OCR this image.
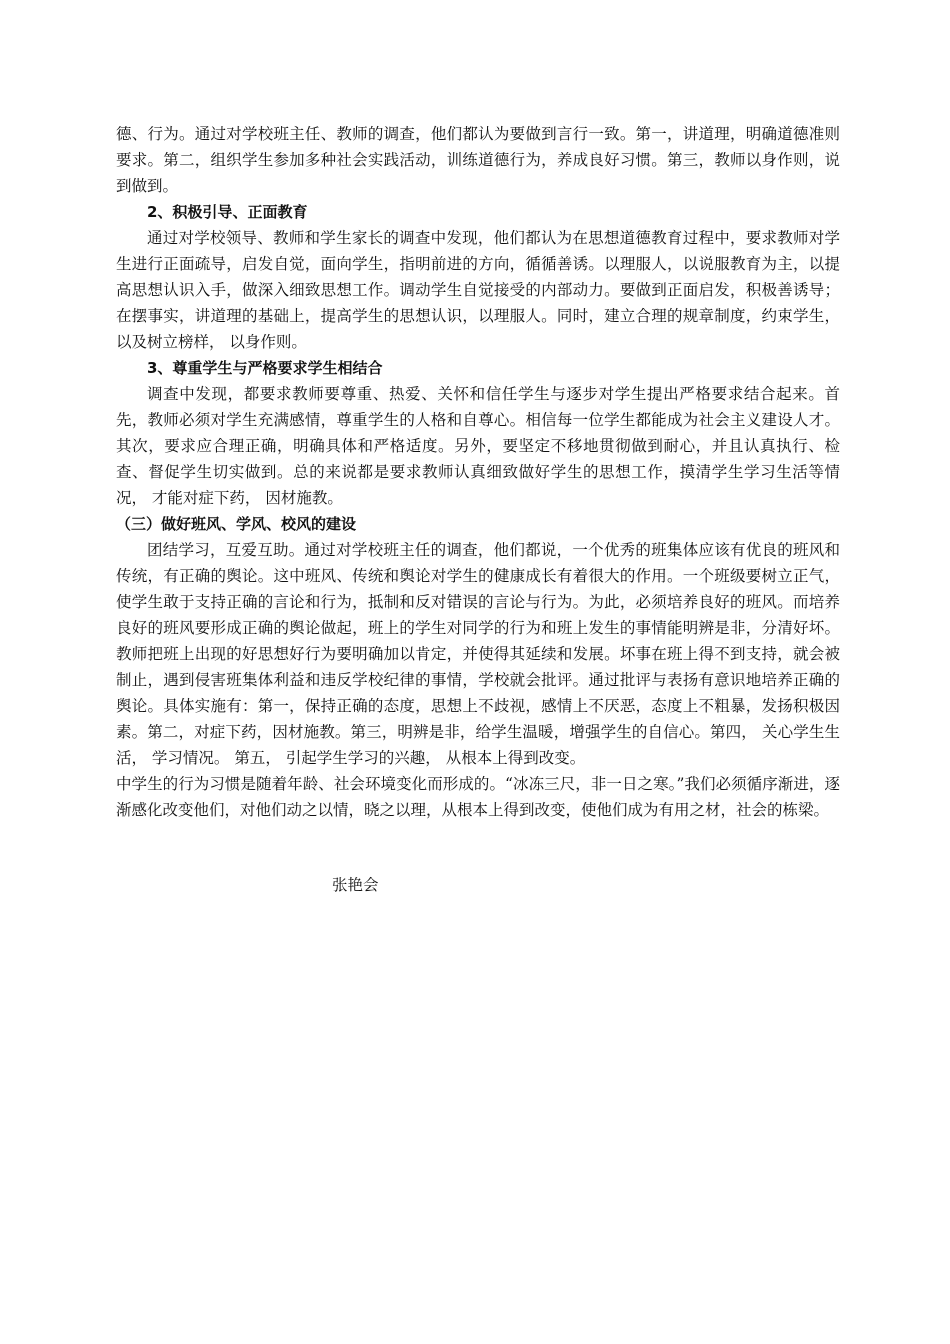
德、行为。通过对学校班主任、教师的调查，他们都认为要做到言行一致。第一，讲道理，明确道德准则要求。第二，组织学生参加多种社会实践活动，训练道德行为，养成良好习惯。第三，教师以身作则，说到做到。

2、积极引导、正面教育

通过对学校领导、教师和学生家长的调查中发现，他们都认为在思想道德教育过程中，要求教师对学生进行正面疏导，启发自觉，面向学生，指明前进的方向，循循善诱。以理服人，以说服教育为主，以提高思想认识入手，做深入细致思想工作。调动学生自觉接受的内部动力。要做到正面启发，积极善诱导；在摆事实，讲道理的基础上，提高学生的思想认识，以理服人。同时，建立合理的规章制度，约束学生， 以及树立榜样， 以身作则。

3、尊重学生与严格要求学生相结合

调查中发现，都要求教师要尊重、热爱、关怀和信任学生与逐步对学生提出严格要求结合起来。首先，教师必须对学生充满感情，尊重学生的人格和自尊心。相信每一位学生都能成为社会主义建设人才。其次，要求应合理正确，明确具体和严格适度。另外，要坚定不移地贯彻做到耐心，并且认真执行、检查、督促学生切实做到。总的来说都是要求教师认真细致做好学生的思想工作，摸清学生学习生活等情况， 才能对症下药， 因材施教。

（三）做好班风、学风、校风的建设

团结学习，互爱互助。通过对学校班主任的调查，他们都说，一个优秀的班集体应该有优良的班风和传统，有正确的舆论。这中班风、传统和舆论对学生的健康成长有着很大的作用。一个班级要树立正气，使学生敢于支持正确的言论和行为，抵制和反对错误的言论与行为。为此，必须培养良好的班风。而培养良好的班风要形成正确的舆论做起，班上的学生对同学的行为和班上发生的事情能明辨是非，分清好坏。教师把班上出现的好思想好行为要明确加以肯定，并使得其延续和发展。坏事在班上得不到支持，就会被制止，遇到侵害班集体利益和违反学校纪律的事情，学校就会批评。通过批评与表扬有意识地培养正确的舆论。具体实施有：第一，保持正确的态度，思想上不歧视，感情上不厌恶，态度上不粗暴，发扬积极因素。第二，对症下药，因材施教。第三，明辨是非，给学生温暖，增强学生的自信心。第四， 关心学生生活， 学习情况。 第五， 引起学生学习的兴趣， 从根本上得到改变。

中学生的行为习惯是随着年龄、社会环境变化而形成的。“冰冻三尺，非一日之寒。”我们必须循序渐进，逐渐感化改变他们，对他们动之以情，晓之以理，从根本上得到改变，使他们成为有用之材，社会的栋梁。

张艳会
